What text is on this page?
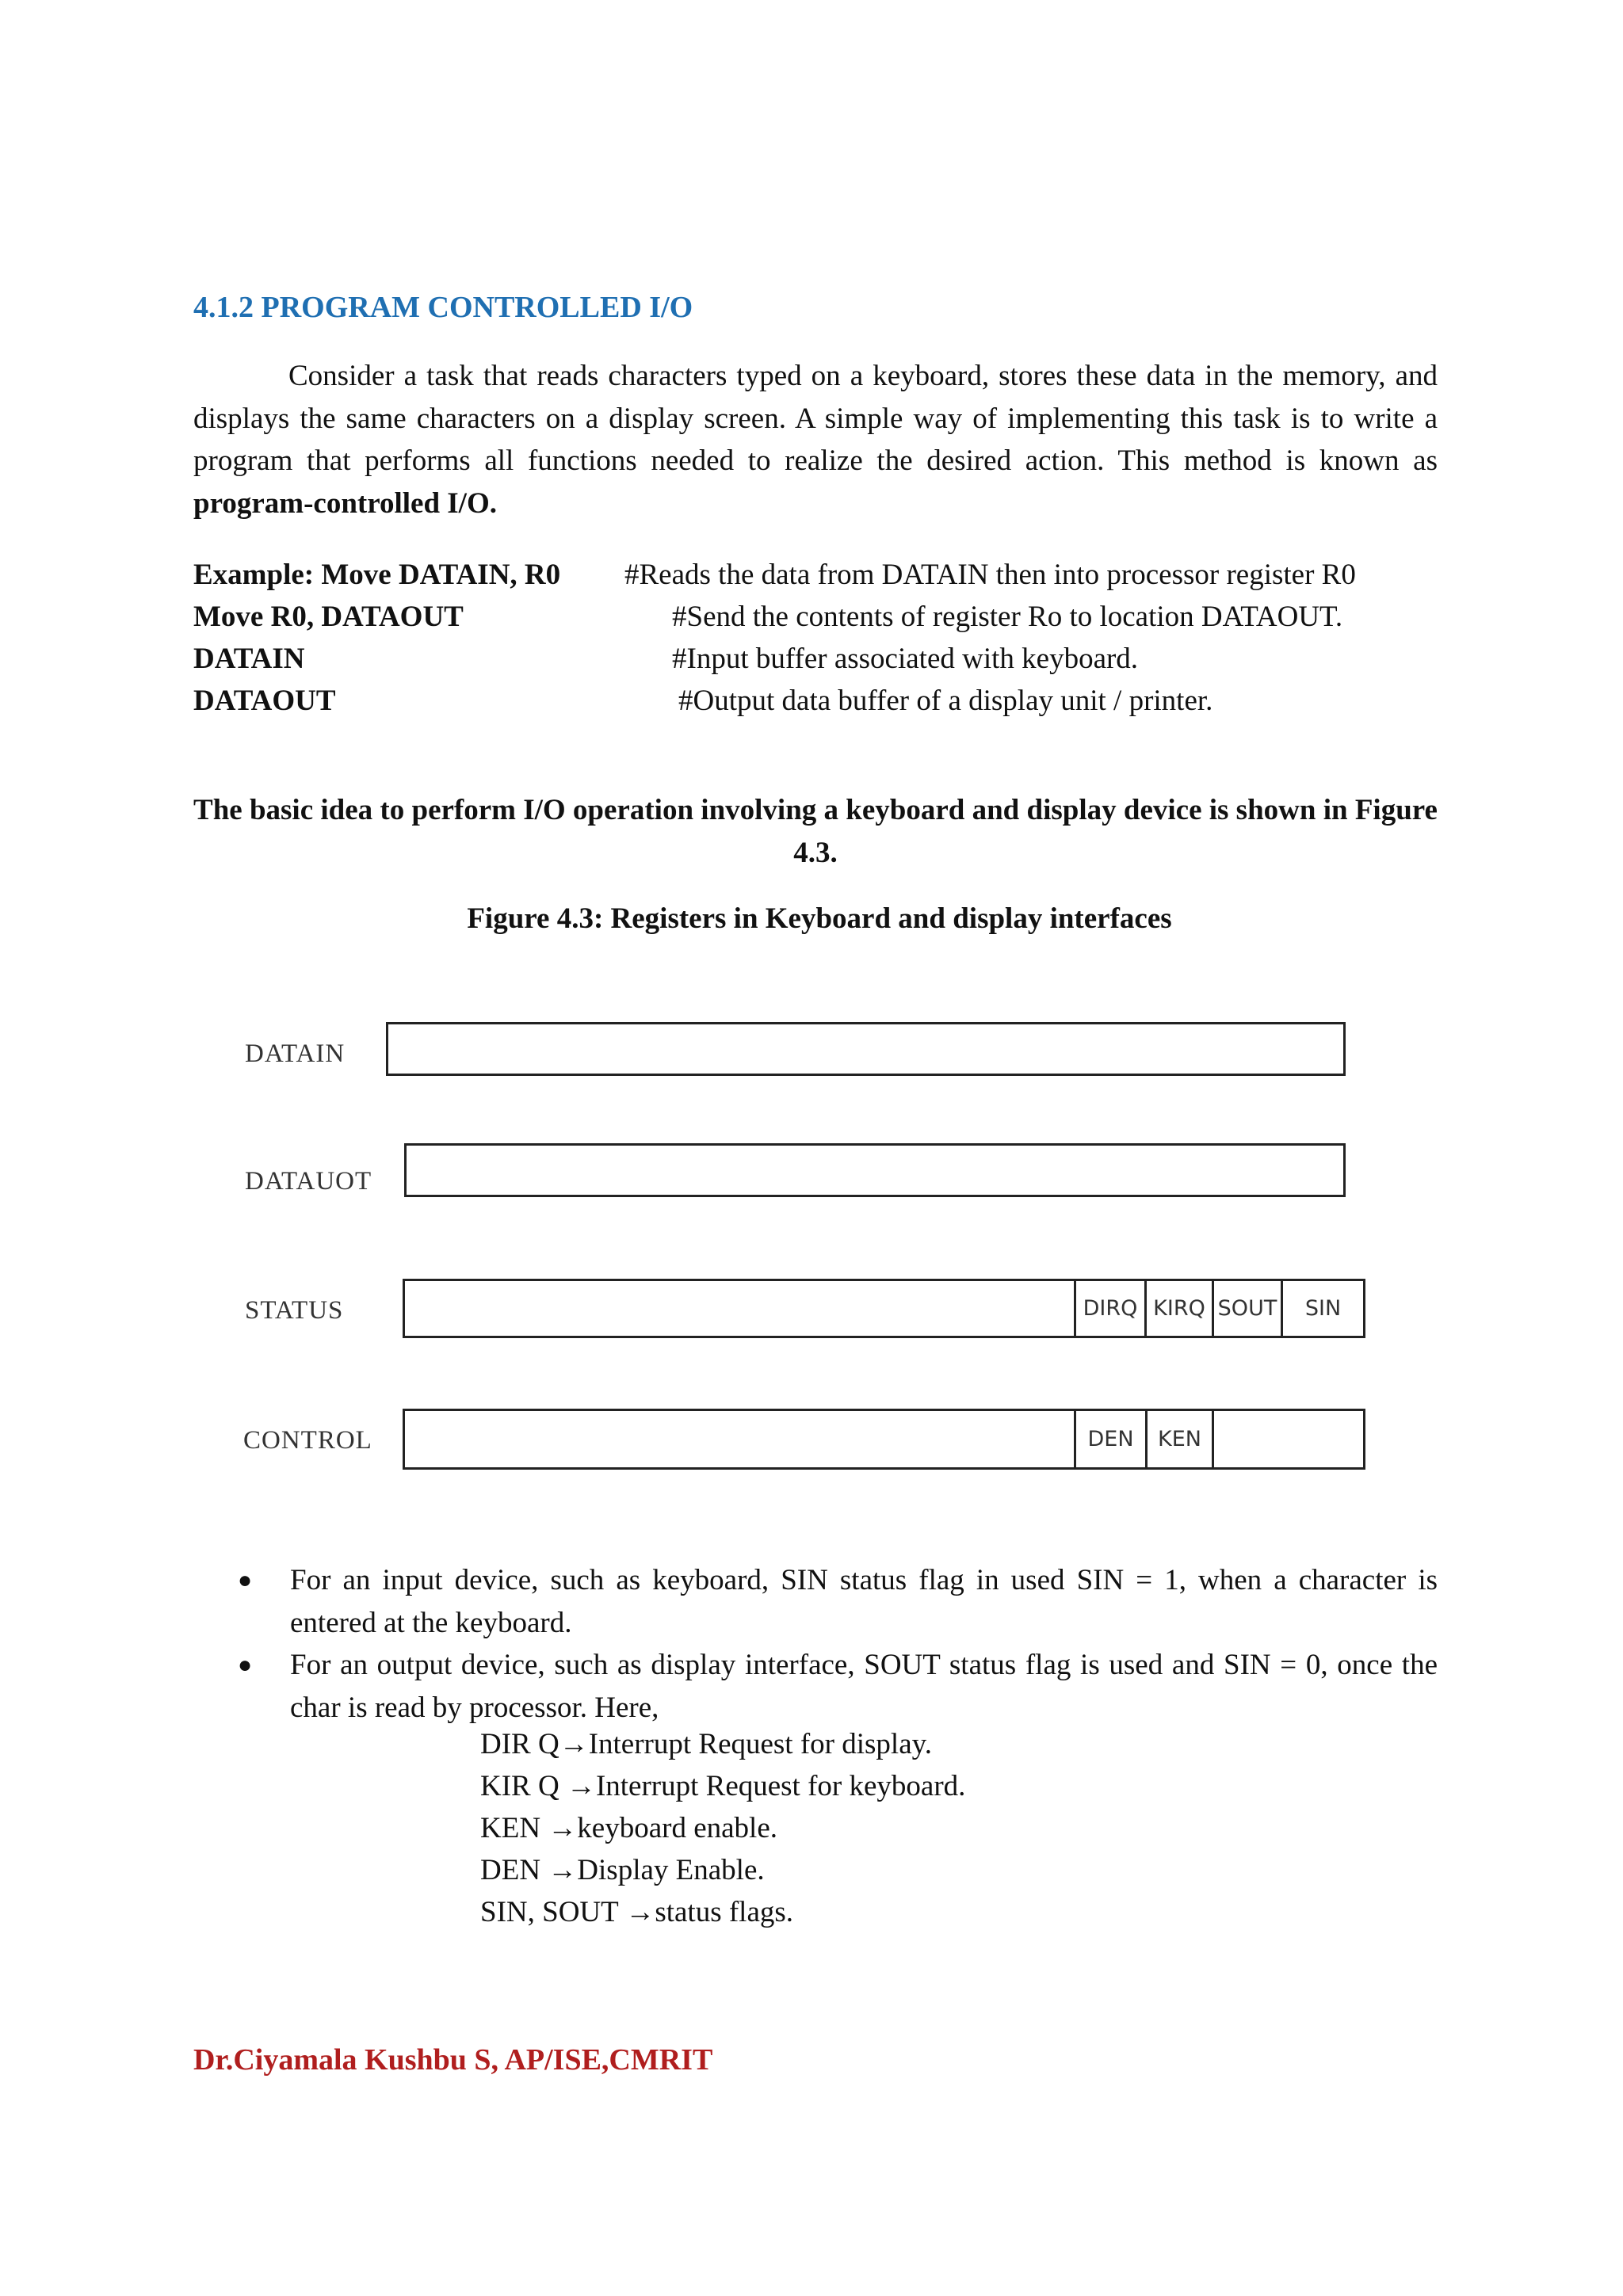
4.1.2 PROGRAM CONTROLLED I/O
Consider a task that reads characters typed on a keyboard, stores these data in the memory, and displays the same characters on a display screen. A simple way of implementing this task is to write a program that performs all functions needed to realize the desired action. This method is known as program-controlled I/O.
Example: Move DATAIN, R0 #Reads the data from DATAIN then into processor register R0
Move R0, DATAOUT	#Send the contents of register Ro to location DATAOUT.
DATAIN	#Input buffer associated with keyboard.
DATAOUT	#Output data buffer of a display unit / printer.
The basic idea to perform I/O operation involving a keyboard and display device is shown in Figure 4.3.
Figure 4.3: Registers in Keyboard and display interfaces
DATAIN
DATAUOT
STATUS	DIRQ KIRQ SOUT	SIN
CONTROL	DEN	KEN
● For an input device, such as keyboard, SIN status flag in used SIN = 1, when a character is entered at the keyboard.
● For an output device, such as display interface, SOUT status flag is used and SIN = 0, once the char is read by processor. Here,
DIR Q→Interrupt Request for display.
KIR Q →Interrupt Request for keyboard.
KEN →keyboard enable.
DEN →Display Enable.
SIN, SOUT →status flags.
Dr.Ciyamala Kushbu S, AP/ISE,CMRIT
